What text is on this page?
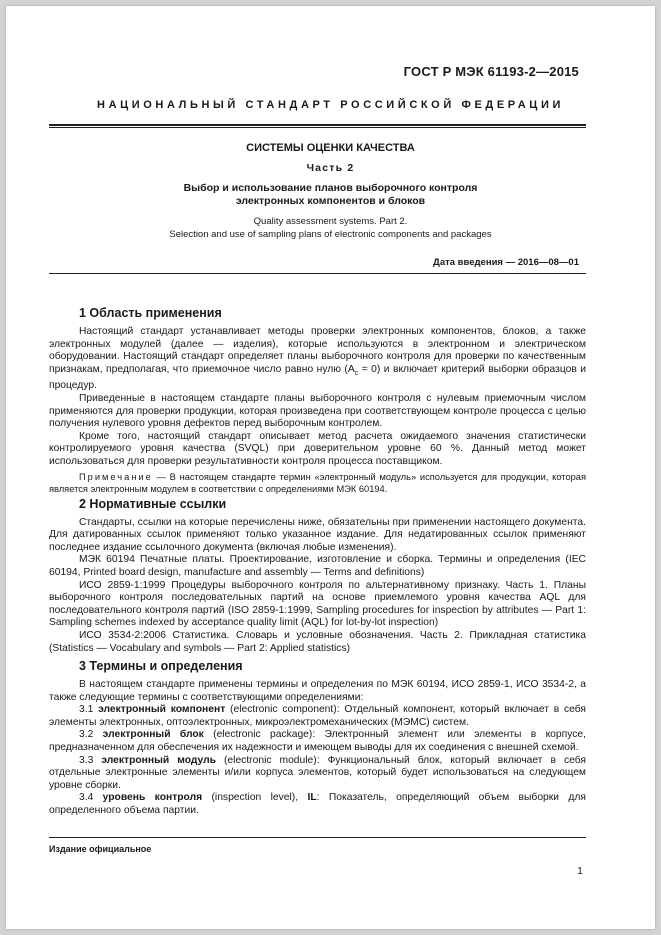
ГОСТ Р МЭК 61193-2—2015
НАЦИОНАЛЬНЫЙ СТАНДАРТ РОССИЙСКОЙ ФЕДЕРАЦИИ
СИСТЕМЫ ОЦЕНКИ КАЧЕСТВА
Часть 2
Выбор и использование планов выборочного контроля
электронных компонентов и блоков
Quality assessment systems. Part 2.
Selection and use of sampling plans of electronic components and packages
Дата введения — 2016—08—01
1 Область применения

Настоящий стандарт устанавливает методы проверки электронных компонентов, блоков, а также электронных модулей (далее — изделия), которые используются в электронном и электрическом оборудовании. Настоящий стандарт определяет планы выборочного контроля для проверки по качественным признакам, предполагая, что приемочное число равно нулю $(A_c = 0)$ и включает критерий выборки образцов и процедур.

Приведенные в настоящем стандарте планы выборочного контроля с нулевым приемочным числом применяются для проверки продукции, которая произведена при соответствующем контроле процесса с целью получения нулевого уровня дефектов перед выборочным контролем.

Кроме того, настоящий стандарт описывает метод расчета ожидаемого значения статистически контролируемого уровня качества (SVQL) при доверительном уровне 60 %. Данный метод может использоваться для проверки результативности контроля процесса поставщиком.

Примечание — В настоящем стандарте термин «электронный модуль» используется для продукции, которая является электронным модулем в соответствии с определениями МЭК 60194.

2 Нормативные ссылки

Стандарты, ссылки на которые перечислены ниже, обязательны при применении настоящего документа. Для датированных ссылок применяют только указанное издание. Для недатированных ссылок применяют последнее издание ссылочного документа (включая любые изменения).

МЭК 60194 Печатные платы. Проектирование, изготовление и сборка. Термины и определения (IEC 60194, Printed board design, manufacture and assembly — Terms and definitions)

ИСО 2859-1:1999 Процедуры выборочного контроля по альтернативному признаку. Часть 1. Планы выборочного контроля последовательных партий на основе приемлемого уровня качества AQL для последовательного контроля партий (ISO 2859-1:1999, Sampling procedures for inspection by attributes — Part 1: Sampling schemes indexed by acceptance quality limit (AQL) for lot-by-lot inspection)

ИСО 3534-2:2006 Статистика. Словарь и условные обозначения. Часть 2. Прикладная статистика (Statistics — Vocabulary and symbols — Part 2: Applied statistics)

3 Термины и определения

В настоящем стандарте применены термины и определения по МЭК 60194, ИСО 2859-1, ИСО 3534-2, а также следующие термины с соответствующими определениями:

3.1 электронный компонент (electronic component): Отдельный компонент, который включает в себя элементы электронных, оптоэлектронных, микроэлектромеханических (МЭМС) систем.

3.2 электронный блок (electronic package): Электронный элемент или элементы в корпусе, предназначенном для обеспечения их надежности и имеющем выводы для их соединения с внешней схемой.

3.3 электронный модуль (electronic module): Функциональный блок, который включает в себя отдельные электронные элементы и/или корпуса элементов, который будет использоваться на следующем уровне сборки.

3.4 уровень контроля (inspection level), IL: Показатель, определяющий объем выборки для определенного объема партии.

Издание официальное
1
